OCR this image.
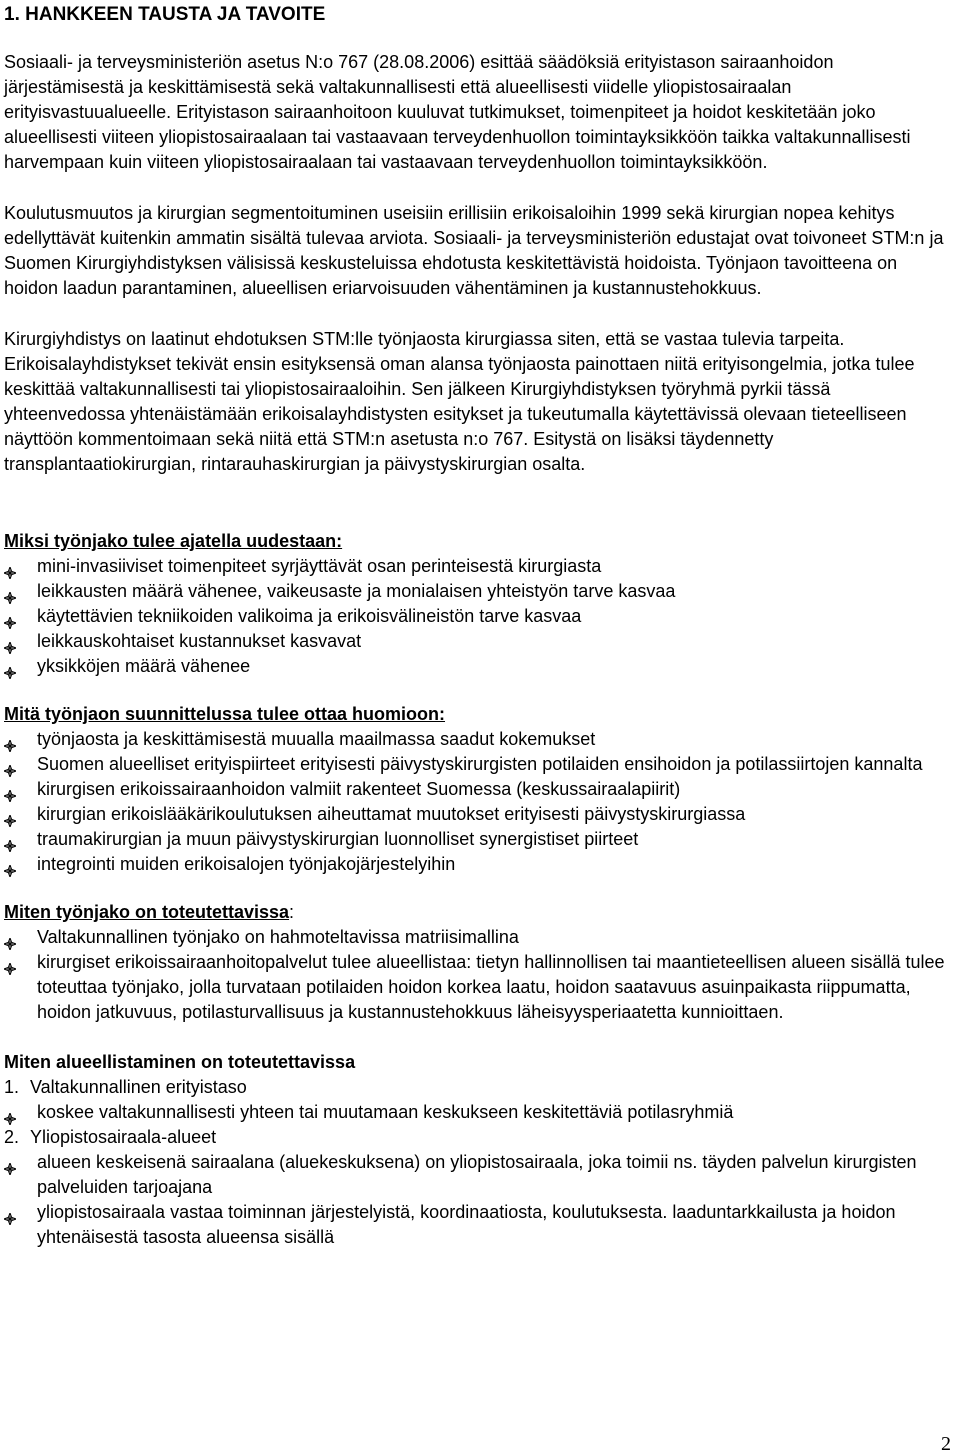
1. HANKKEEN TAUSTA JA TAVOITE

Sosiaali- ja terveysministeriön asetus N:o 767 (28.08.2006) esittää säädöksiä erityistason sairaanhoidon järjestämisestä ja keskittämisestä sekä valtakunnallisesti että alueellisesti viidelle yliopistosairaalan erityisvastuualueelle. Erityistason sairaanhoitoon kuuluvat tutkimukset, toimenpiteet ja hoidot keskitetään joko alueellisesti viiteen yliopistosairaalaan tai vastaavaan terveydenhuollon toimintayksikköön taikka valtakunnallisesti harvempaan kuin viiteen yliopistosairaalaan tai vastaavaan terveydenhuollon toimintayksikköön.

Koulutusmuutos ja kirurgian segmentoituminen useisiin erillisiin erikoisaloihin 1999 sekä kirurgian nopea kehitys edellyttävät kuitenkin ammatin sisältä tulevaa arviota. Sosiaali- ja terveysministeriön edustajat ovat toivoneet STM:n ja Suomen Kirurgiyhdistyksen välisissä keskusteluissa ehdotusta keskitettävistä hoidoista. Työnjaon tavoitteena on hoidon laadun parantaminen, alueellisen eriarvoisuuden vähentäminen ja kustannustehokkuus.

Kirurgiyhdistys on laatinut ehdotuksen STM:lle työnjaosta kirurgiassa siten, että se vastaa tulevia tarpeita. Erikoisalayhdistykset tekivät ensin esityksensä oman alansa työnjaosta painottaen niitä erityisongelmia, jotka tulee keskittää valtakunnallisesti tai yliopistosairaaloihin. Sen jälkeen Kirurgiyhdistyksen työryhmä pyrkii tässä yhteenvedossa yhtenäistämään erikoisalayhdistysten esitykset ja tukeutumalla käytettävissä olevaan tieteelliseen näyttöön kommentoimaan sekä niitä että STM:n asetusta n:o 767. Esitystä on lisäksi täydennetty transplantaatiokirurgian, rintarauhaskirurgian ja päivystyskirurgian osalta.

Miksi työnjako tulee ajatella uudestaan:

mini-invasiiviset toimenpiteet syrjäyttävät osan perinteisestä kirurgiasta
leikkausten määrä vähenee, vaikeusaste ja monialaisen yhteistyön tarve kasvaa
käytettävien tekniikoiden valikoima ja erikoisvälineistön tarve kasvaa
leikkauskohtaiset kustannukset kasvavat
yksikköjen määrä vähenee

Mitä työnjaon suunnittelussa tulee ottaa huomioon:

työnjaosta ja keskittämisestä muualla maailmassa saadut kokemukset
Suomen alueelliset erityispiirteet erityisesti päivystyskirurgisten potilaiden ensihoidon ja potilassiirtojen kannalta
kirurgisen erikoissairaanhoidon valmiit rakenteet Suomessa (keskussairaalapiirit)
kirurgian erikoislääkärikoulutuksen aiheuttamat muutokset erityisesti päivystyskirurgiassa
traumakirurgian ja muun päivystyskirurgian luonnolliset synergistiset piirteet
integrointi muiden erikoisalojen työnjakojärjestelyihin

Miten työnjako on toteutettavissa:

Valtakunnallinen työnjako on hahmoteltavissa matriisimallina
kirurgiset erikoissairaanhoitopalvelut tulee alueellistaa: tietyn hallinnollisen tai maantieteellisen alueen sisällä tulee toteuttaa työnjako, jolla turvataan potilaiden hoidon korkea laatu, hoidon saatavuus asuinpaikasta riippumatta, hoidon jatkuvuus, potilasturvallisuus ja kustannustehokkuus läheisyysperiaatetta kunnioittaen.

Miten alueellistaminen on toteutettavissa

1. Valtakunnallinen erityistaso

koskee valtakunnallisesti yhteen tai muutamaan keskukseen keskitettäviä potilasryhmiä

2. Yliopistosairaala-alueet

alueen keskeisenä sairaalana (aluekeskuksena) on yliopistosairaala, joka toimii ns. täyden palvelun kirurgisten palveluiden tarjoajana
yliopistosairaala vastaa toiminnan järjestelyistä, koordinaatiosta, koulutuksesta. laaduntarkkailusta ja hoidon yhtenäisestä tasosta alueensa sisällä
2
